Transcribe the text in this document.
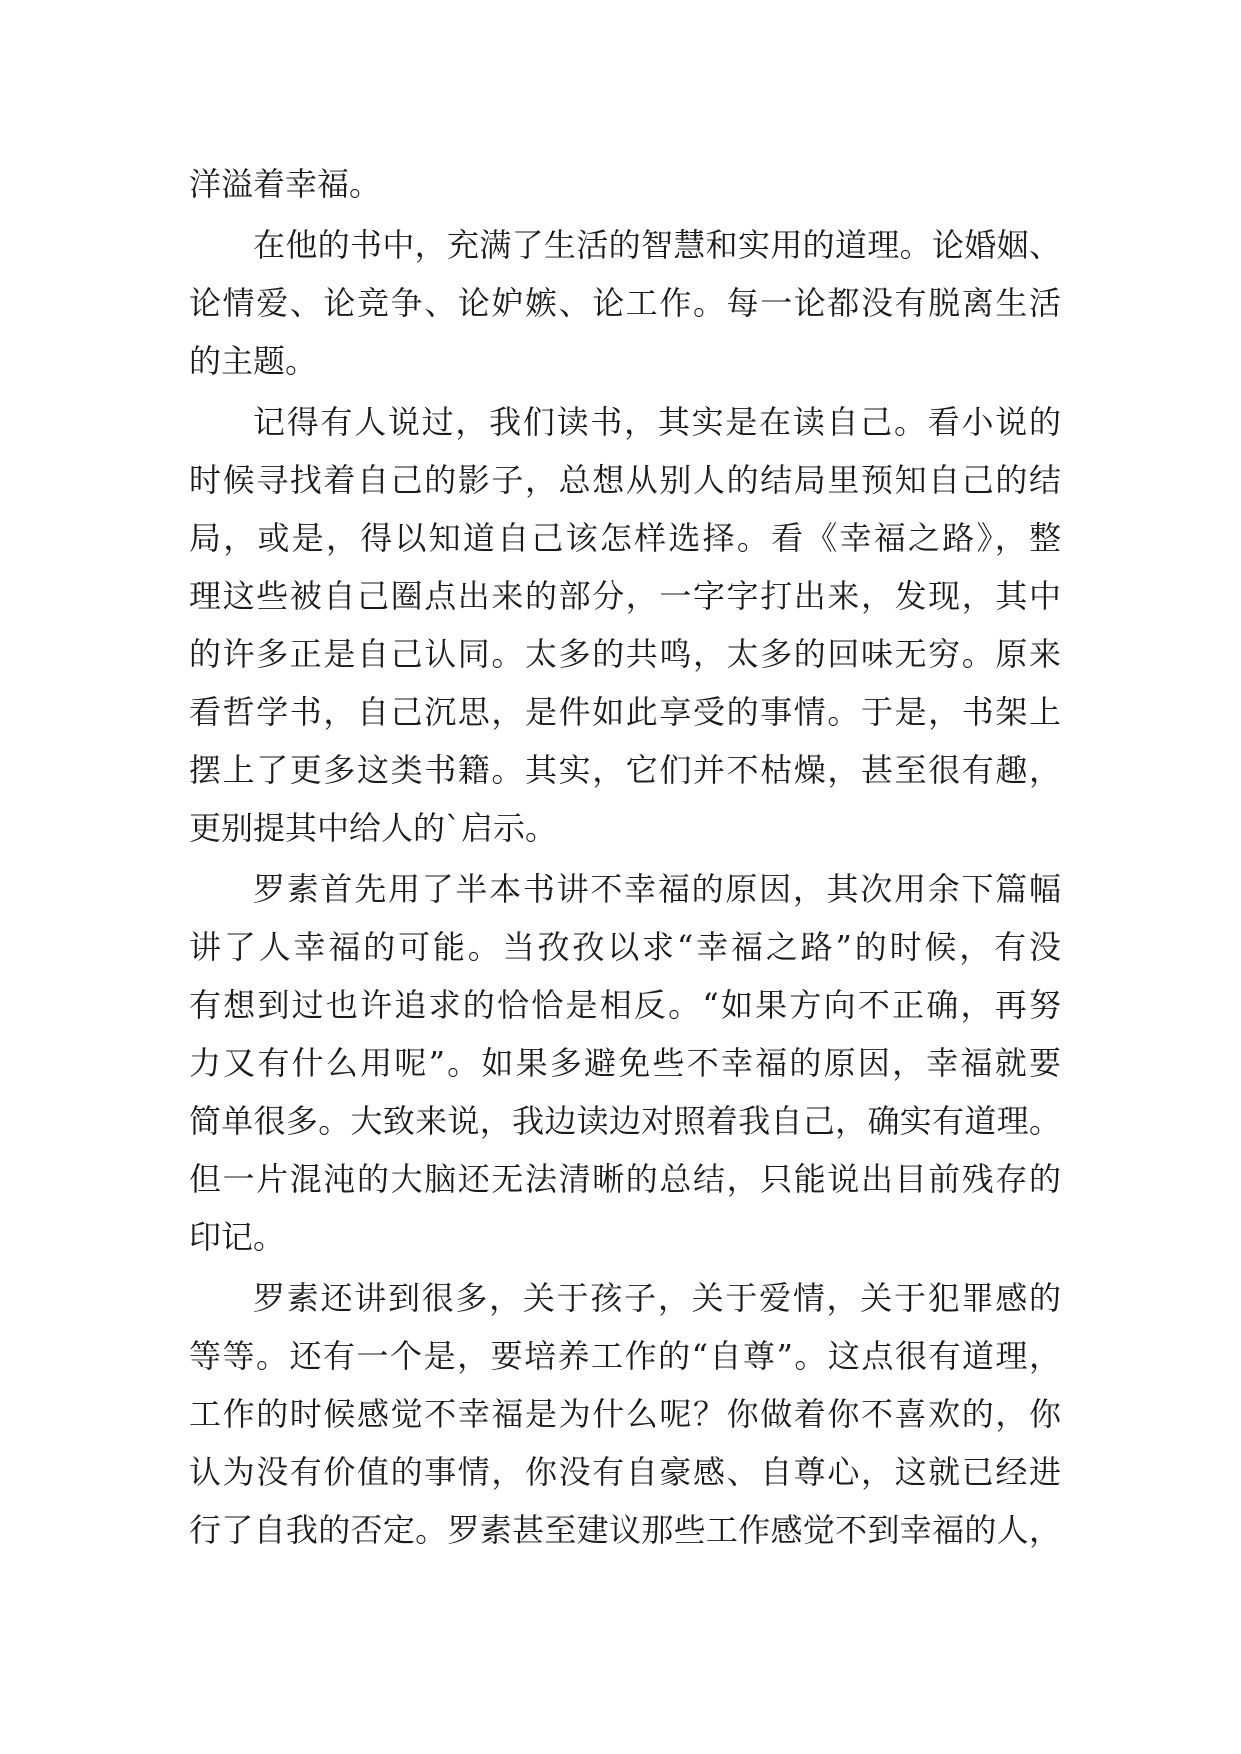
洋溢着幸福。
在他的书中，充满了生活的智慧和实用的道理。论婚姻、
论情爱、论竞争、论妒嫉、论工作。每一论都没有脱离生活
的主题。
记得有人说过，我们读书，其实是在读自己。看小说的
时候寻找着自己的影子，总想从别人的结局里预知自己的结
局，或是，得以知道自己该怎样选择。看《幸福之路》，整
理这些被自己圈点出来的部分，一字字打出来，发现，其中
的许多正是自己认同。太多的共鸣，太多的回味无穷。原来
看哲学书，自己沉思，是件如此享受的事情。于是，书架上
摆上了更多这类书籍。其实，它们并不枯燥，甚至很有趣，
更别提其中给人的`启示。
罗素首先用了半本书讲不幸福的原因，其次用余下篇幅
讲了人幸福的可能。当孜孜以求“幸福之路”的时候，有没
有想到过也许追求的恰恰是相反。“如果方向不正确，再努
力又有什么用呢”。如果多避免些不幸福的原因，幸福就要
简单很多。大致来说，我边读边对照着我自己，确实有道理。
但一片混沌的大脑还无法清晰的总结，只能说出目前残存的
印记。
罗素还讲到很多，关于孩子，关于爱情，关于犯罪感的
等等。还有一个是，要培养工作的“自尊”。这点很有道理，
工作的时候感觉不幸福是为什么呢？你做着你不喜欢的，你
认为没有价值的事情，你没有自豪感、自尊心，这就已经进
行了自我的否定。罗素甚至建议那些工作感觉不到幸福的人，
